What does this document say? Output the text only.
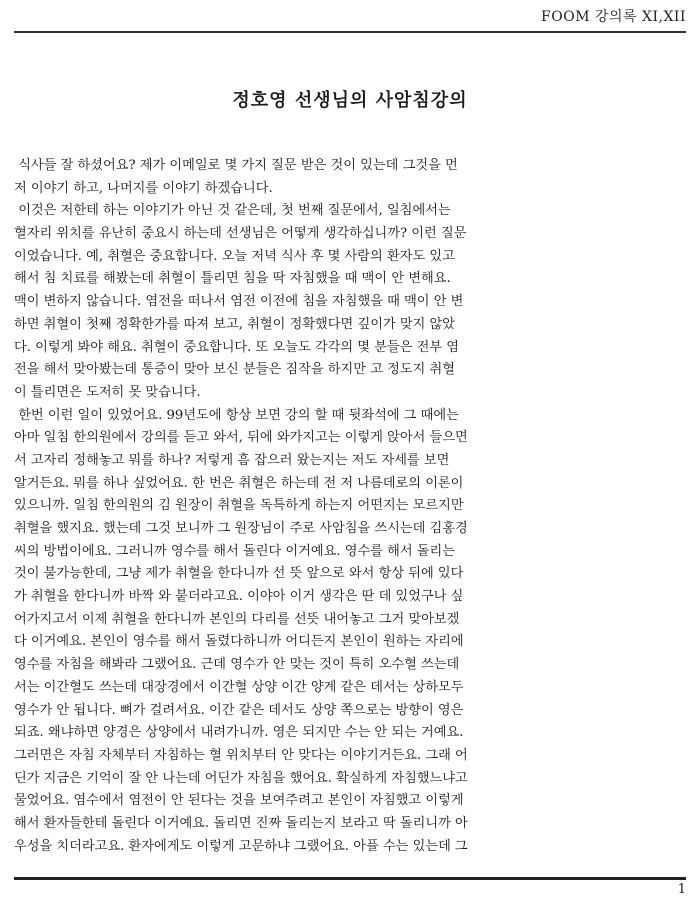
FOOM 강의록 XI,XII
정호영 선생님의 사암침강의
식사들 잘 하셨어요? 제가 이메일로 몇 가지 질문 받은 것이 있는데 그것을 먼
저 이야기 하고, 나머지를 이야기 하겠습니다.
이것은 저한테 하는 이야기가 아닌 것 같은데, 첫 번째 질문에서, 일침에서는
혈자리 위치를 유난히 중요시 하는데 선생님은 어떻게 생각하십니까? 이런 질문
이었습니다. 예, 취혈은 중요합니다. 오늘 저녁 식사 후 몇 사람의 환자도 있고
해서 침 치료를 해봤는데 취혈이 틀리면 침을 딱 자침했을 때 맥이 안 변해요.
맥이 변하지 않습니다. 염전을 떠나서 염전 이전에 침을 자침했을 때 맥이 안 변
하면 취혈이 첫째 정확한가를 따져 보고, 취혈이 정확했다면 깊이가 맞지 않았
다. 이렇게 봐야 해요. 취혈이 중요합니다. 또 오늘도 각각의 몇 분들은 전부 염
전을 해서 맞아봤는데 통증이 맞아 보신 분들은 짐작을 하지만 고 정도지 취혈
이 틀리면은 도저히 못 맞습니다.
한번 이런 일이 있었어요. 99년도에 항상 보면 강의 할 때 뒷좌석에 그 때에는
아마 일침 한의원에서 강의를 듣고 와서, 뒤에 와가지고는 이렇게 앉아서 들으면
서 고자리 정해놓고 뭐를 하나? 저렇게 흠 잡으러 왔는지는 저도 자세를 보면
알거든요. 뭐를 하나 싶었어요. 한 번은 취혈은 하는데 전 저 나름데로의 이론이
있으니까. 일침 한의원의 김 원장이 취혈을 독특하게 하는지 어떤지는 모르지만
취혈을 했지요. 했는데 그것 보니까 그 원장님이 주로 사암침을 쓰시는데 김홍경
씨의 방법이에요. 그러니까 영수를 해서 돌린다 이거예요. 영수를 해서 돌리는
것이 불가능한데, 그냥 제가 취혈을 한다니까 선 뜻 앞으로 와서 항상 뒤에 있다
가 취혈을 한다니까 바짝 와 붙더라고요. 이야아 이거 생각은 딴 데 있었구나 싶
어가지고서 이제 취혈을 한다니까 본인의 다리를 선뜻 내어놓고 그거 맞아보겠
다 이거예요. 본인이 영수를 해서 돌렸다하니까 어디든지 본인이 원하는 자리에
영수를 자침을 해봐라 그랬어요. 근데 영수가 안 맞는 것이 특히 오수혈 쓰는데
서는 이간혈도 쓰는데 대장경에서 이간혈 상양 이간 양계 같은 데서는 상하모두
영수가 안 됩니다. 뼈가 걸려서요. 이간 같은 데서도 상양 쪽으로는 방향이 영은
되죠. 왜냐하면 양경은 상양에서 내려가니까. 영은 되지만 수는 안 되는 거예요.
그러면은 자침 자체부터 자침하는 혈 위치부터 안 맞다는 이야기거든요. 그래 어
딘가 지금은 기억이 잘 안 나는데 어딘가 자침을 했어요. 확실하게 자침했느냐고
물었어요. 염수에서 염전이 안 된다는 것을 보여주려고 본인이 자침했고 이렇게
해서 환자들한테 돌린다 이거예요. 돌리면 진짜 돌리는지 보라고 딱 돌리니까 아
우성을 치더라고요. 환자에게도 이렇게 고문하냐 그랬어요. 아플 수는 있는데 그
1
